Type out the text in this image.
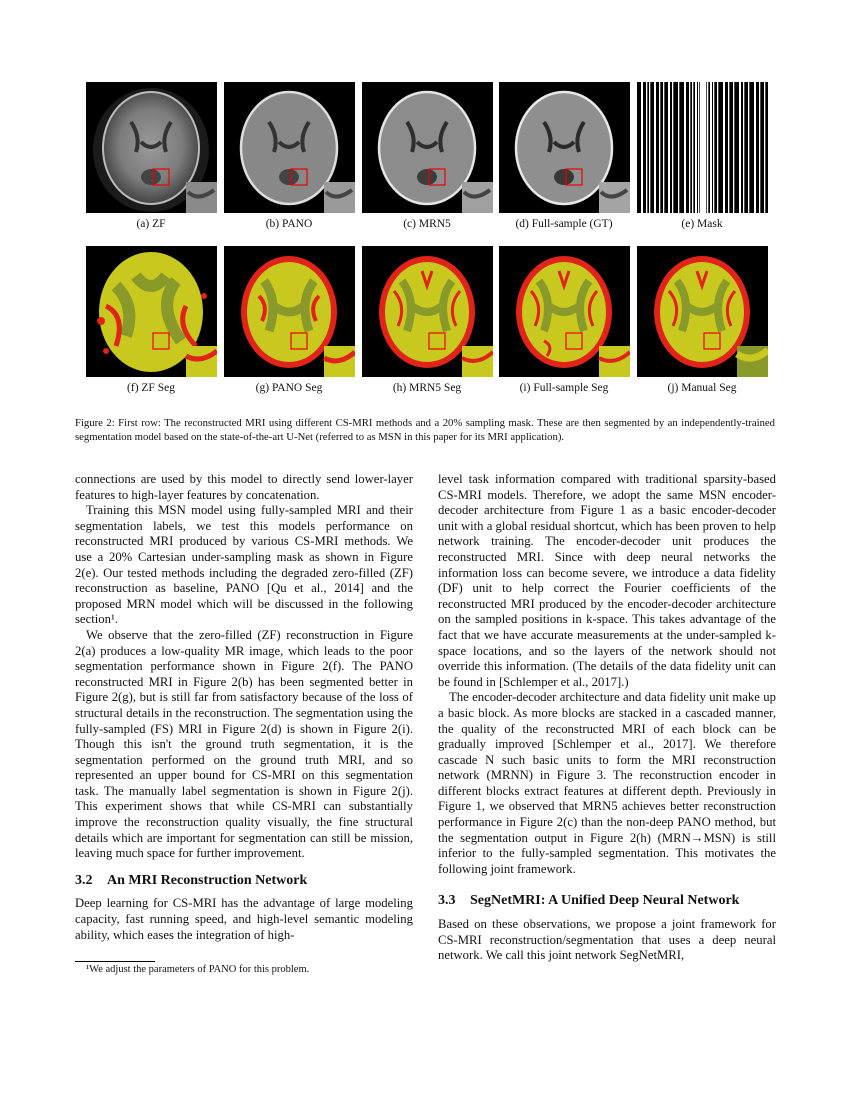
(a) ZF	(b) PANO	(c) MRN5	(d) Full-sample (GT)	(e) Mask
(f) ZF Seg	(g) PANO Seg	(h) MRN5 Seg	(i) Full-sample Seg	(j) Manual Seg
Figure 2: First row: The reconstructed MRI using different CS-MRI methods and a 20% sampling mask. These are then segmented by an independently-trained segmentation model based on the state-of-the-art U-Net (referred to as MSN in this paper for its MRI application).

connections are used by this model to directly send lower-layer features to high-layer features by concatenation.

Training this MSN model using fully-sampled MRI and their segmentation labels, we test this models performance on reconstructed MRI produced by various CS-MRI methods. We use a 20% Cartesian under-sampling mask as shown in Figure 2(e). Our tested methods including the degraded zero-filled (ZF) reconstruction as baseline, PANO [Qu et al., 2014] and the proposed MRN model which will be discussed in the following section¹.

We observe that the zero-filled (ZF) reconstruction in Figure 2(a) produces a low-quality MR image, which leads to the poor segmentation performance shown in Figure 2(f). The PANO reconstructed MRI in Figure 2(b) has been segmented better in Figure 2(g), but is still far from satisfactory because of the loss of structural details in the reconstruction. The segmentation using the fully-sampled (FS) MRI in Figure 2(d) is shown in Figure 2(i). Though this isn't the ground truth segmentation, it is the segmentation performed on the ground truth MRI, and so represented an upper bound for CS-MRI on this segmentation task. The manually label segmentation is shown in Figure 2(j). This experiment shows that while CS-MRI can substantially improve the reconstruction quality visually, the fine structural details which are important for segmentation can still be mission, leaving much space for further improvement.

3.2 An MRI Reconstruction Network

Deep learning for CS-MRI has the advantage of large modeling capacity, fast running speed, and high-level semantic modeling ability, which eases the integration of high-

¹We adjust the parameters of PANO for this problem.

level task information compared with traditional sparsity-based CS-MRI models. Therefore, we adopt the same MSN encoder-decoder architecture from Figure 1 as a basic encoder-decoder unit with a global residual shortcut, which has been proven to help network training. The encoder-decoder unit produces the reconstructed MRI. Since with deep neural networks the information loss can become severe, we introduce a data fidelity (DF) unit to help correct the Fourier coefficients of the reconstructed MRI produced by the encoder-decoder architecture on the sampled positions in k-space. This takes advantage of the fact that we have accurate measurements at the under-sampled k-space locations, and so the layers of the network should not override this information. (The details of the data fidelity unit can be found in [Schlemper et al., 2017].)

The encoder-decoder architecture and data fidelity unit make up a basic block. As more blocks are stacked in a cascaded manner, the quality of the reconstructed MRI of each block can be gradually improved [Schlemper et al., 2017]. We therefore cascade N such basic units to form the MRI reconstruction network (MRNN) in Figure 3. The reconstruction encoder in different blocks extract features at different depth. Previously in Figure 1, we observed that MRN5 achieves better reconstruction performance in Figure 2(c) than the non-deep PANO method, but the segmentation output in Figure 2(h) (MRN→MSN) is still inferior to the fully-sampled segmentation. This motivates the following joint framework.

3.3 SegNetMRI: A Unified Deep Neural Network

Based on these observations, we propose a joint framework for CS-MRI reconstruction/segmentation that uses a deep neural network. We call this joint network SegNetMRI,
